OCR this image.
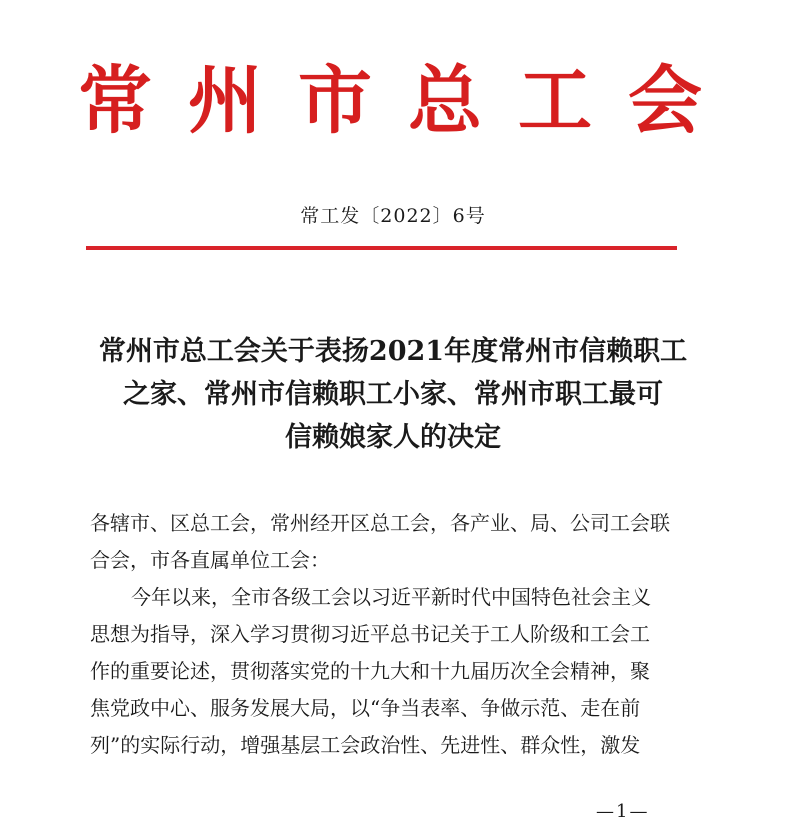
常州市总工会
常工发〔2022〕6号
常州市总工会关于表扬2021年度常州市信赖职工
之家、常州市信赖职工小家、常州市职工最可
信赖娘家人的决定
各辖市、区总工会，常州经开区总工会，各产业、局、公司工会联
合会，市各直属单位工会：
今年以来，全市各级工会以习近平新时代中国特色社会主义
思想为指导，深入学习贯彻习近平总书记关于工人阶级和工会工
作的重要论述，贯彻落实党的十九大和十九届历次全会精神，聚
焦党政中心、服务发展大局，以“争当表率、争做示范、走在前
列”的实际行动，增强基层工会政治性、先进性、群众性，激发
—1—
